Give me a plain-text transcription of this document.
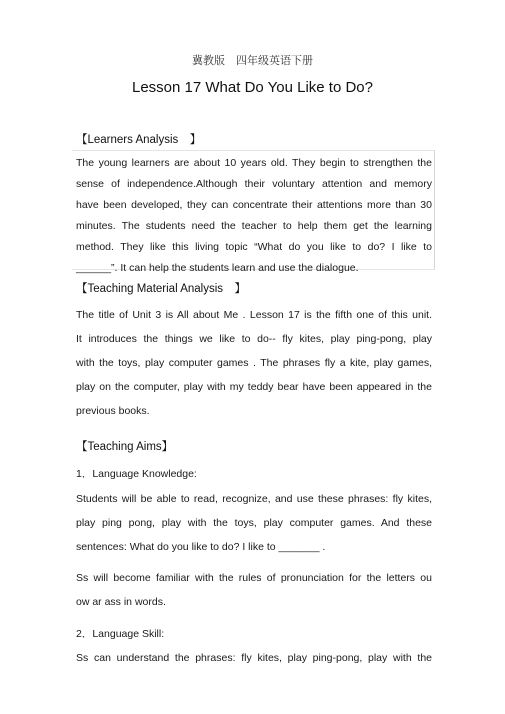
冀教版　四年级英语下册
Lesson 17 What Do You Like to Do?
【Learners Analysis　】
The young learners are about 10 years old. They begin to strengthen the
sense of independence.Although their voluntary attention and memory
have been developed, they can concentrate their attentions more than 30
minutes. The students need the teacher to help them get the learning
method. They like this living topic “What do you like to do? I like to
______”. It can help the students learn and use the dialogue.
【Teaching Material Analysis　】
The title of Unit 3 is All about Me . Lesson 17 is the fifth one of this unit.
It introduces the things we like to do-- fly kites, play ping-pong, play
with the toys, play computer games . The phrases fly a kite, play games,
play on the computer, play with my teddy bear have been appeared in the
previous books.
【Teaching Aims】
1．Language Knowledge:
Students will be able to read, recognize, and use these phrases: fly kites,
play ping pong, play with the toys, play computer games. And these
sentences: What do you like to do? I like to _______ .
Ss will become familiar with the rules of pronunciation for the letters ou
ow ar ass in words.
2．Language Skill:
Ss can understand the phrases: fly kites, play ping-pong, play with the
